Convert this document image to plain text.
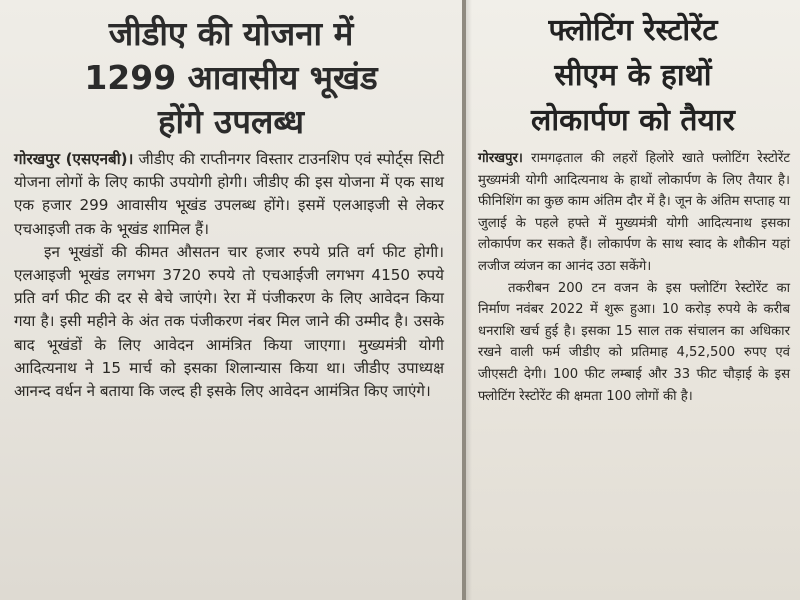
जीडीए की योजना में
1299 आवासीय भूखंड
होंगे उपलब्ध

गोरखपुर (एसएनबी)। जीडीए की राप्तीनगर विस्तार टाउनशिप एवं स्पोर्ट्स सिटी योजना लोगों के लिए काफी उपयोगी होगी। जीडीए की इस योजना में एक साथ एक हजार 299 आवासीय भूखंड उपलब्ध होंगे। इसमें एलआइजी से लेकर एचआइजी तक के भूखंड शामिल हैं।

इन भूखंडों की कीमत औसतन चार हजार रुपये प्रति वर्ग फीट होगी। एलआइजी भूखंड लगभग 3720 रुपये तो एचआईजी लगभग 4150 रुपये प्रति वर्ग फीट की दर से बेचे जाएंगे। रेरा में पंजीकरण के लिए आवेदन किया गया है। इसी महीने के अंत तक पंजीकरण नंबर मिल जाने की उम्मीद है। उसके बाद भूखंडों के लिए आवेदन आमंत्रित किया जाएगा। मुख्यमंत्री योगी आदित्यनाथ ने 15 मार्च को इसका शिलान्यास किया था। जीडीए उपाध्यक्ष आनन्द वर्धन ने बताया कि जल्द ही इसके लिए आवेदन आमंत्रित किए जाएंगे।

फ्लोटिंग रेस्टोरेंट
सीएम के हाथों
लोकार्पण को तैयार

गोरखपुर। रामगढ़ताल की लहरों हिलोरे खाते फ्लोटिंग रेस्टोरेंट मुख्यमंत्री योगी आदित्यनाथ के हाथों लोकार्पण के लिए तैयार है। फीनिशिंग का कुछ काम अंतिम दौर में है। जून के अंतिम सप्ताह या जुलाई के पहले हफ्ते में मुख्यमंत्री योगी आदित्यनाथ इसका लोकार्पण कर सकते हैं। लोकार्पण के साथ स्वाद के शौकीन यहां लजीज व्यंजन का आनंद उठा सकेंगे।

तकरीबन 200 टन वजन के इस फ्लोटिंग रेस्टोरेंट का निर्माण नवंबर 2022 में शुरू हुआ। 10 करोड़ रुपये के करीब धनराशि खर्च हुई है। इसका 15 साल तक संचालन का अधिकार रखने वाली फर्म जीडीए को प्रतिमाह 4,52,500 रुपए एवं जीएसटी देगी। 100 फीट लम्बाई और 33 फीट चौड़ाई के इस फ्लोटिंग रेस्टोरेंट की क्षमता 100 लोगों की है।
